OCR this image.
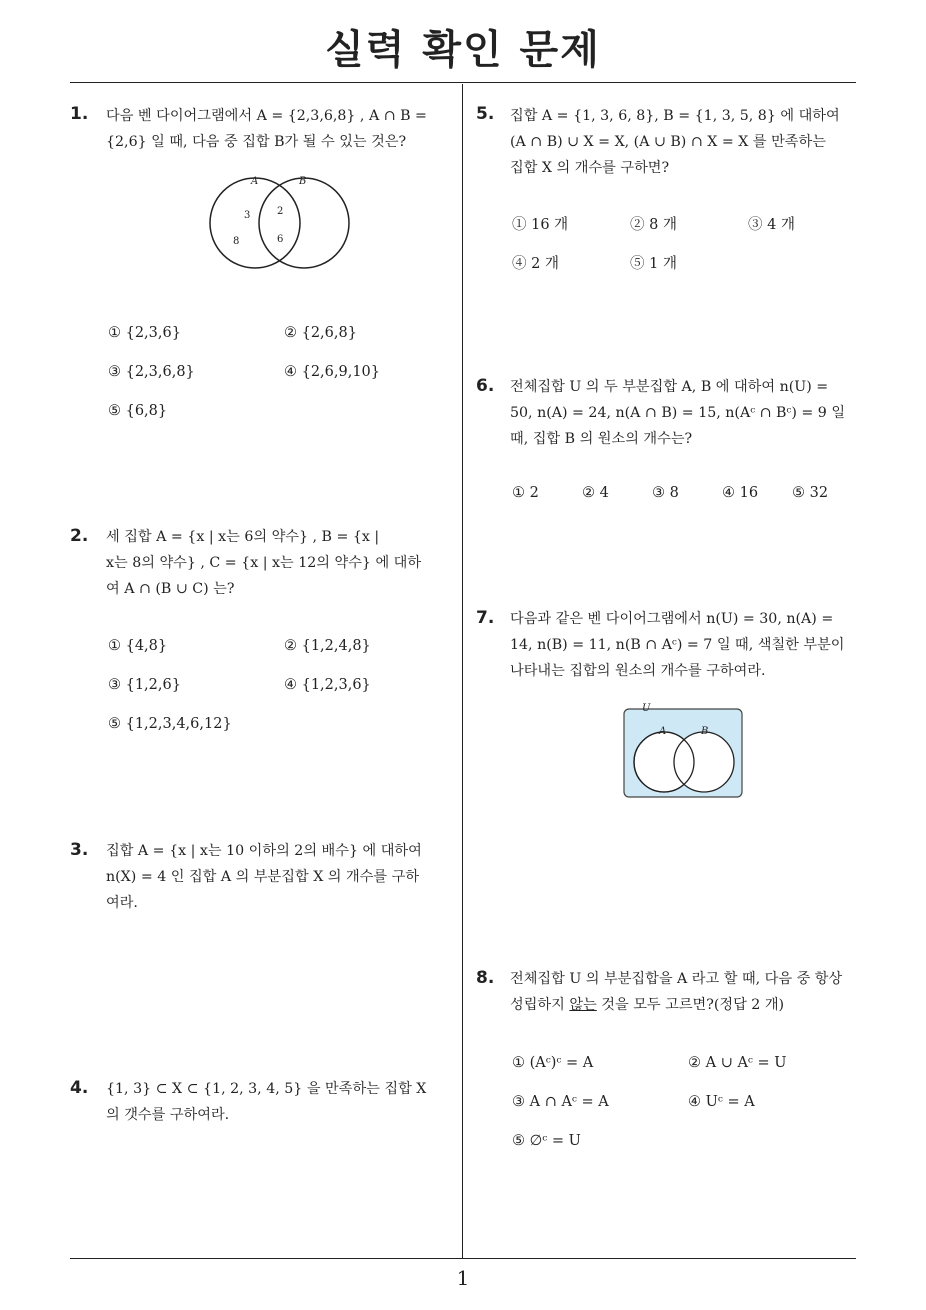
실력 확인 문제
1
1. 다음 벤 다이어그램에서 A = {2,3,6,8} , A ∩ B =
{2,6} 일 때, 다음 중 집합 B가 될 수 있는 것은?
A	B
3
8
2
6
① {2,3,6}	② {2,6,8}
③ {2,3,6,8}	④ {2,6,9,10}
⑤ {6,8}
2. 세 집합 A = {x | x는 6의 약수} , B = {x |
x는 8의 약수} , C = {x | x는 12의 약수} 에 대하
여 A ∩ (B ∪ C) 는?
① {4,8}	② {1,2,4,8}
③ {1,2,6}	④ {1,2,3,6}
⑤ {1,2,3,4,6,12}
3. 집합 A = {x | x는 10 이하의 2의 배수} 에 대하여
n(X) = 4 인 집합 A 의 부분집합 X 의 개수를 구하
여라.
4. {1, 3} ⊂ X ⊂ {1, 2, 3, 4, 5} 을 만족하는 집합 X
의 갯수를 구하여라.
5. 집합 A = {1, 3, 6, 8}, B = {1, 3, 5, 8} 에 대하여
(A ∩ B) ∪ X = X, (A ∪ B) ∩ X = X 를 만족하는
집합 X 의 개수를 구하면?
① 16 개	② 8 개	③ 4 개
④ 2 개	⑤ 1 개
6. 전체집합 U 의 두 부분집합 A, B 에 대하여 n(U) =
50, n(A) = 24, n(A ∩ B) = 15, n(Aᶜ ∩ Bᶜ) = 9 일
때, 집합 B 의 원소의 개수는?
① 2	② 4	③ 8	④ 16 ⑤ 32
7. 다음과 같은 벤 다이어그램에서 n(U) = 30, n(A) =
14, n(B) = 11, n(B ∩ Aᶜ) = 7 일 때, 색칠한 부분이
나타내는 집합의 원소의 개수를 구하여라.
U
A	B
8. 전체집합 U 의 부분집합을 A 라고 할 때, 다음 중 항상
성립하지 않는 것을 모두 고르면?(정답 2 개)
① (Aᶜ)ᶜ = A	② A ∪ Aᶜ = U
③ A ∩ Aᶜ = A	④ Uᶜ = A
⑤ ∅ᶜ = U
